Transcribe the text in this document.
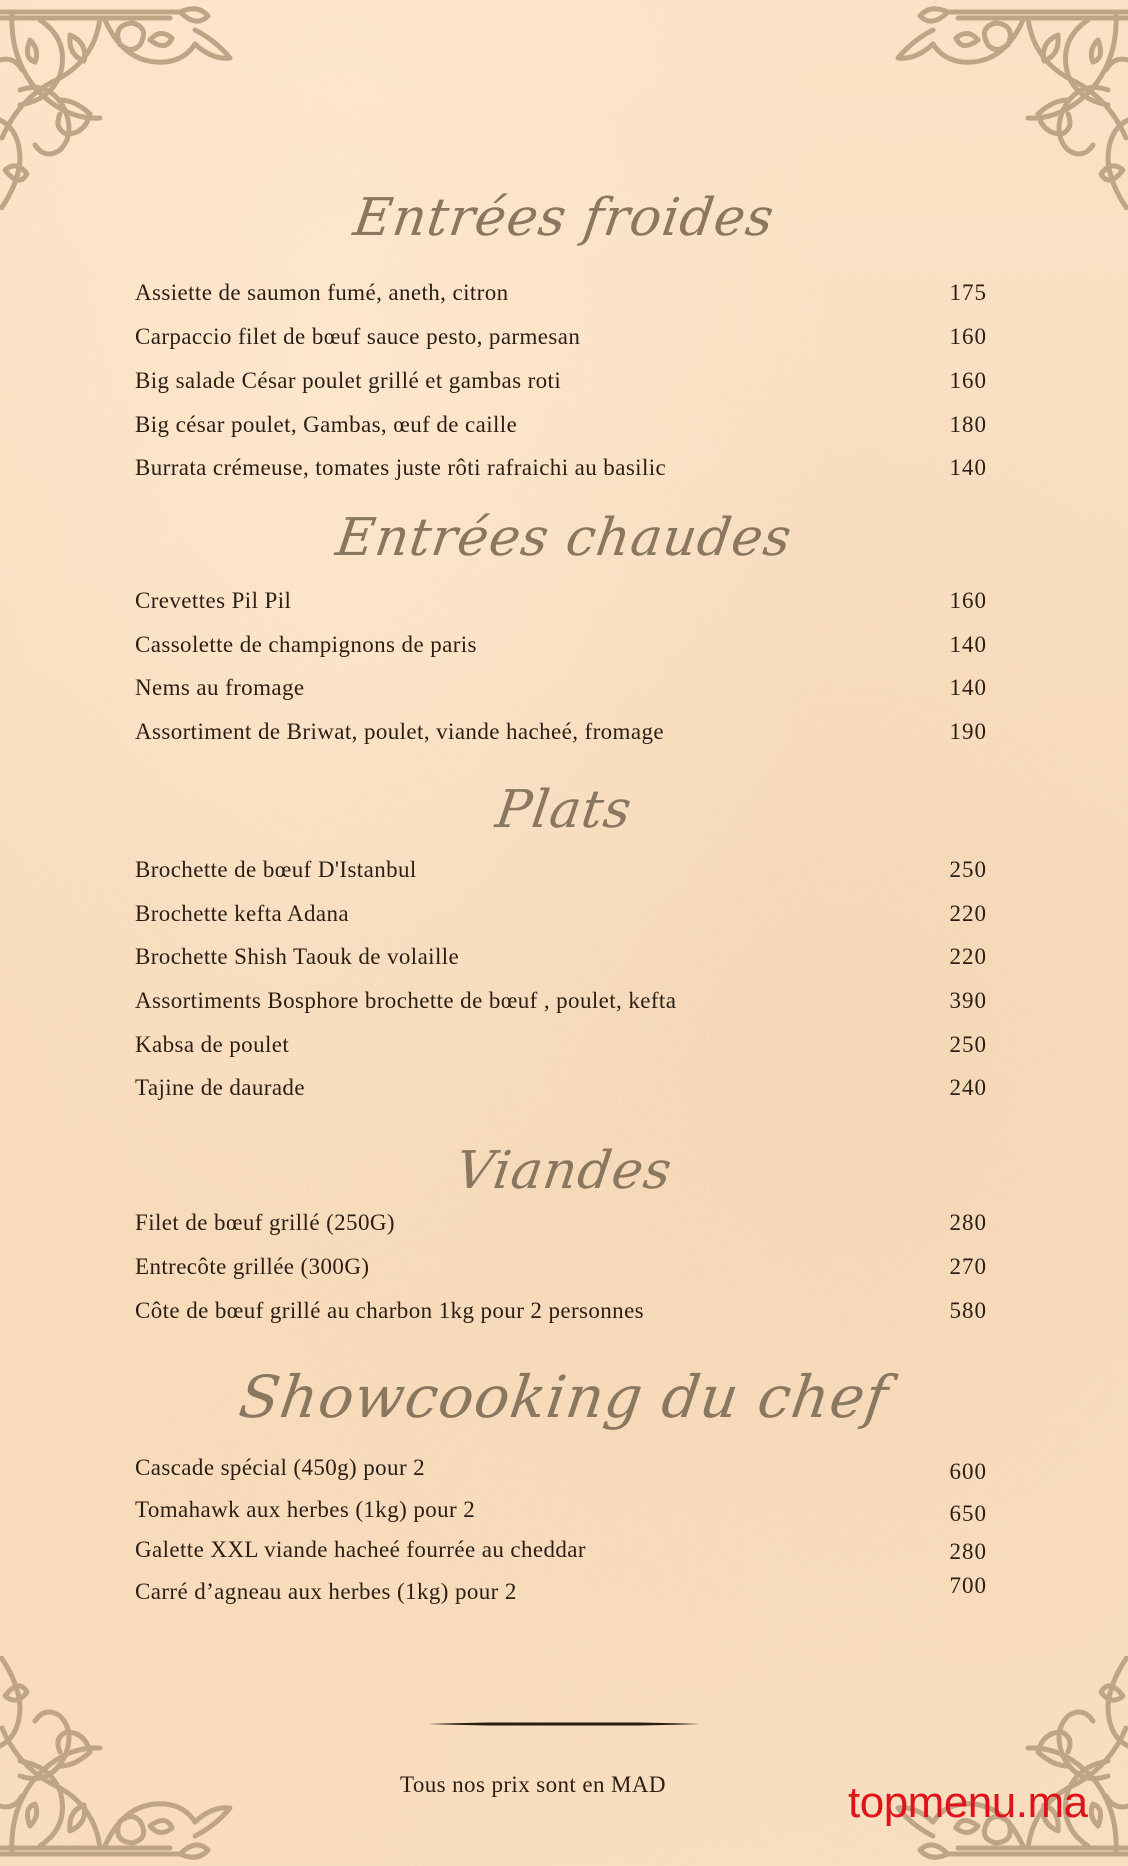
Entrées froides
Assiette de saumon fumé, aneth, citron	175
Carpaccio filet de bœuf sauce pesto, parmesan	160
Big salade César poulet grillé et gambas roti	160
Big césar poulet, Gambas, œuf de caille	180
Burrata crémeuse, tomates juste rôti rafraichi au basilic	140
Entrées chaudes
Crevettes Pil Pil	160
Cassolette de champignons de paris	140
Nems au fromage	140
Assortiment de Briwat, poulet, viande hacheé, fromage	190
Plats
Brochette de bœuf D'Istanbul	250
Brochette kefta Adana	220
Brochette Shish Taouk de volaille	220
Assortiments Bosphore brochette de bœuf , poulet, kefta	390
Kabsa de poulet	250
Tajine de daurade	240
Viandes
Filet de bœuf grillé (250G)	280
Entrecôte grillée (300G)	270
Côte de bœuf grillé au charbon 1kg pour 2 personnes	580
Showcooking du chef
Cascade spécial (450g) pour 2	600
Tomahawk aux herbes (1kg) pour 2	650
Galette XXL viande hacheé fourrée au cheddar	280
Carré d’agneau aux herbes (1kg) pour 2	700
Tous nos prix sont en MAD	topmenu.ma
